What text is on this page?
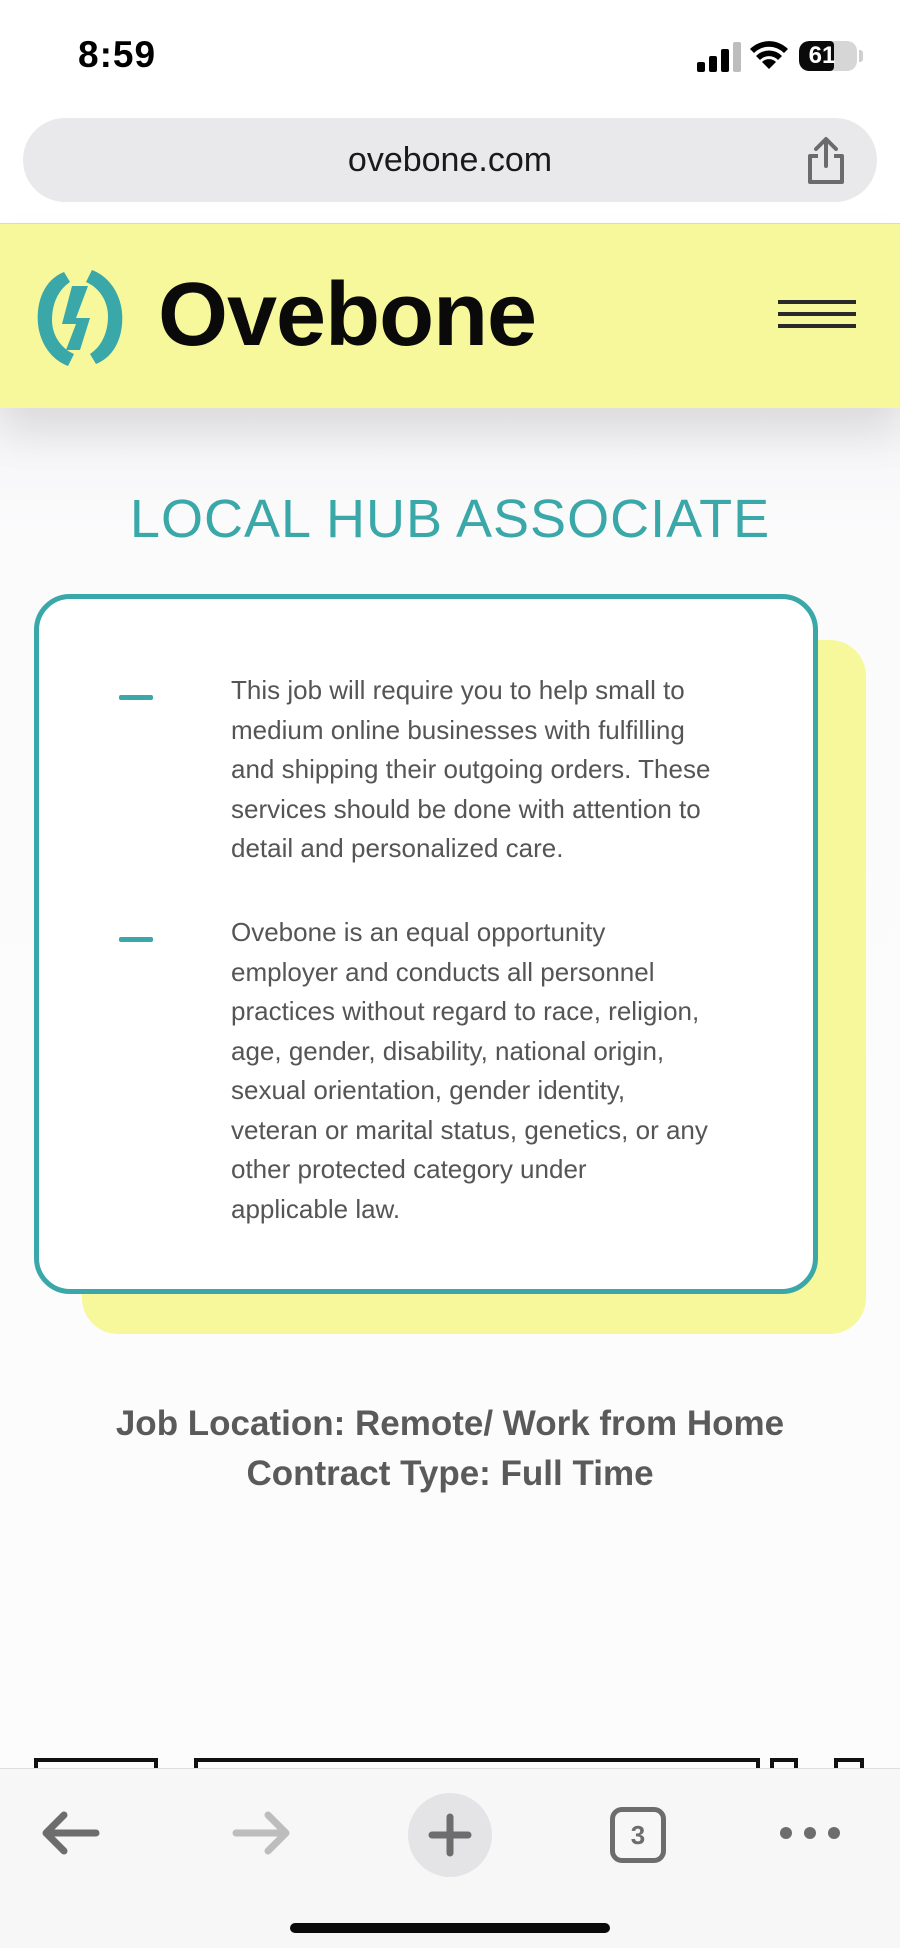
8:59	61
ovebone.com
Ovebone
LOCAL HUB ASSOCIATE
This job will require you to help small to
medium online businesses with fulfilling
and shipping their outgoing orders. These
services should be done with attention to
detail and personalized care.
Ovebone is an equal opportunity
employer and conducts all personnel
practices without regard to race, religion,
age, gender, disability, national origin,
sexual orientation, gender identity,
veteran or marital status, genetics, or any
other protected category under
applicable law.
Job Location: Remote/ Work from Home
Contract Type: Full Time
3
